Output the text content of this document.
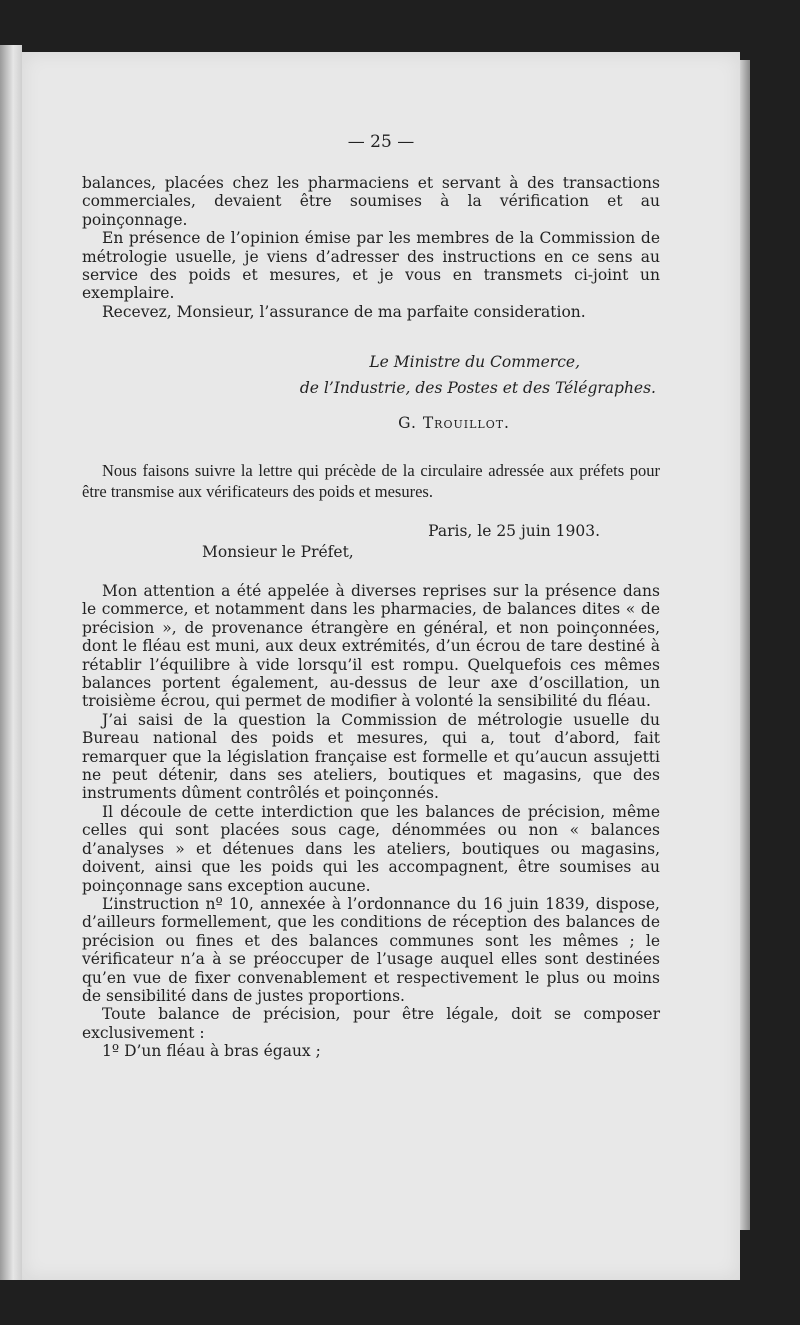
— 25 —

balances, placées chez les pharmaciens et servant à des transactions commerciales, devaient être soumises à la vérification et au poinçonnage.

En présence de l’opinion émise par les membres de la Commission de métrologie usuelle, je viens d’adresser des instructions en ce sens au service des poids et mesures, et je vous en transmets ci-joint un exemplaire.

Recevez, Monsieur, l’assurance de ma parfaite consideration.

Le Ministre du Commerce,
de l’Industrie, des Postes et des Télégraphes.
G. Trouillot.

Nous faisons suivre la lettre qui précède de la circulaire adressée aux préfets pour être transmise aux vérificateurs des poids et mesures.

Paris, le 25 juin 1903.
Monsieur le Préfet,

Mon attention a été appelée à diverses reprises sur la présence dans le commerce, et notamment dans les pharmacies, de balances dites « de précision », de provenance étrangère en général, et non poinçonnées, dont le fléau est muni, aux deux extrémités, d’un écrou de tare destiné à rétablir l’équilibre à vide lorsqu’il est rompu. Quelquefois ces mêmes balances portent également, au-dessus de leur axe d’oscillation, un troisième écrou, qui permet de modifier à volonté la sensibilité du fléau.

J’ai saisi de la question la Commission de métrologie usuelle du Bureau national des poids et mesures, qui a, tout d’abord, fait remarquer que la législation française est formelle et qu’aucun assujetti ne peut détenir, dans ses ateliers, boutiques et magasins, que des instruments dûment contrôlés et poinçonnés.

Il découle de cette interdiction que les balances de précision, même celles qui sont placées sous cage, dénommées ou non « balances d’analyses » et détenues dans les ateliers, boutiques ou magasins, doivent, ainsi que les poids qui les accompagnent, être soumises au poinçonnage sans exception aucune.

L’instruction nº 10, annexée à l’ordonnance du 16 juin 1839, dispose, d’ailleurs formellement, que les conditions de réception des balances de précision ou fines et des balances communes sont les mêmes ; le vérificateur n’a à se préoccuper de l’usage auquel elles sont destinées qu’en vue de fixer convenablement et respectivement le plus ou moins de sensibilité dans de justes proportions.

Toute balance de précision, pour être légale, doit se composer exclusivement :

1º D’un fléau à bras égaux ;
